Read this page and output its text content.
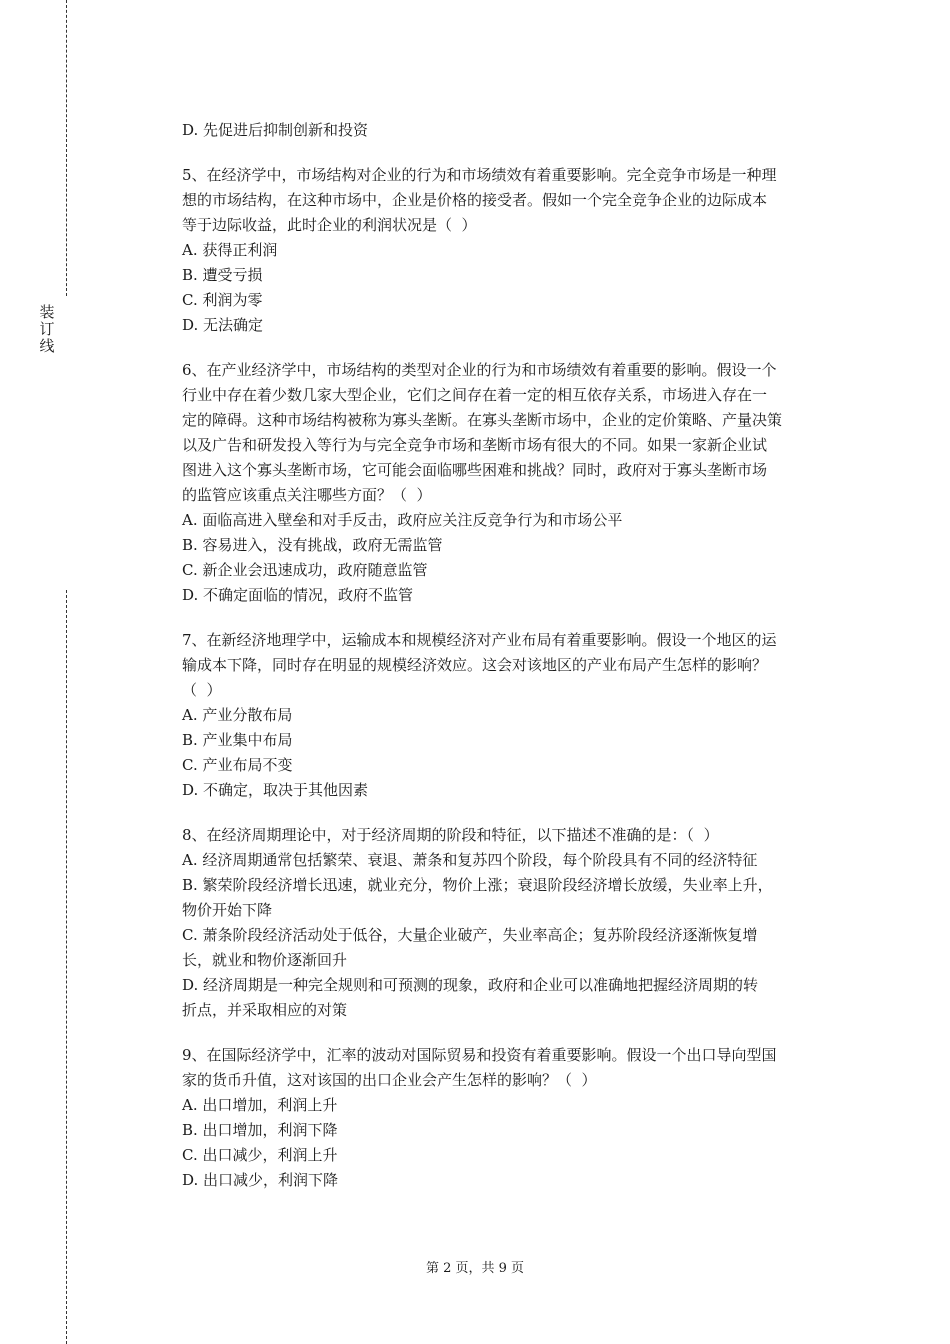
装订线
D. 先促进后抑制创新和投资
5、在经济学中，市场结构对企业的行为和市场绩效有着重要影响。完全竞争市场是一种理
想的市场结构，在这种市场中，企业是价格的接受者。假如一个完全竞争企业的边际成本
等于边际收益，此时企业的利润状况是（  ）
A. 获得正利润
B. 遭受亏损
C. 利润为零
D. 无法确定
6、在产业经济学中，市场结构的类型对企业的行为和市场绩效有着重要的影响。假设一个
行业中存在着少数几家大型企业，它们之间存在着一定的相互依存关系，市场进入存在一
定的障碍。这种市场结构被称为寡头垄断。在寡头垄断市场中，企业的定价策略、产量决策
以及广告和研发投入等行为与完全竞争市场和垄断市场有很大的不同。如果一家新企业试
图进入这个寡头垄断市场，它可能会面临哪些困难和挑战？同时，政府对于寡头垄断市场
的监管应该重点关注哪些方面？（  ）
A. 面临高进入壁垒和对手反击，政府应关注反竞争行为和市场公平
B. 容易进入，没有挑战，政府无需监管
C. 新企业会迅速成功，政府随意监管
D. 不确定面临的情况，政府不监管
7、在新经济地理学中，运输成本和规模经济对产业布局有着重要影响。假设一个地区的运
输成本下降，同时存在明显的规模经济效应。这会对该地区的产业布局产生怎样的影响？
（  ）
A. 产业分散布局
B. 产业集中布局
C. 产业布局不变
D. 不确定，取决于其他因素
8、在经济周期理论中，对于经济周期的阶段和特征，以下描述不准确的是：（  ）
A. 经济周期通常包括繁荣、衰退、萧条和复苏四个阶段，每个阶段具有不同的经济特征
B. 繁荣阶段经济增长迅速，就业充分，物价上涨；衰退阶段经济增长放缓，失业率上升，
物价开始下降
C. 萧条阶段经济活动处于低谷，大量企业破产，失业率高企；复苏阶段经济逐渐恢复增
长，就业和物价逐渐回升
D. 经济周期是一种完全规则和可预测的现象，政府和企业可以准确地把握经济周期的转
折点，并采取相应的对策
9、在国际经济学中，汇率的波动对国际贸易和投资有着重要影响。假设一个出口导向型国
家的货币升值，这对该国的出口企业会产生怎样的影响？（  ）
A. 出口增加，利润上升
B. 出口增加，利润下降
C. 出口减少，利润上升
D. 出口减少，利润下降
第 2 页，共 9 页
